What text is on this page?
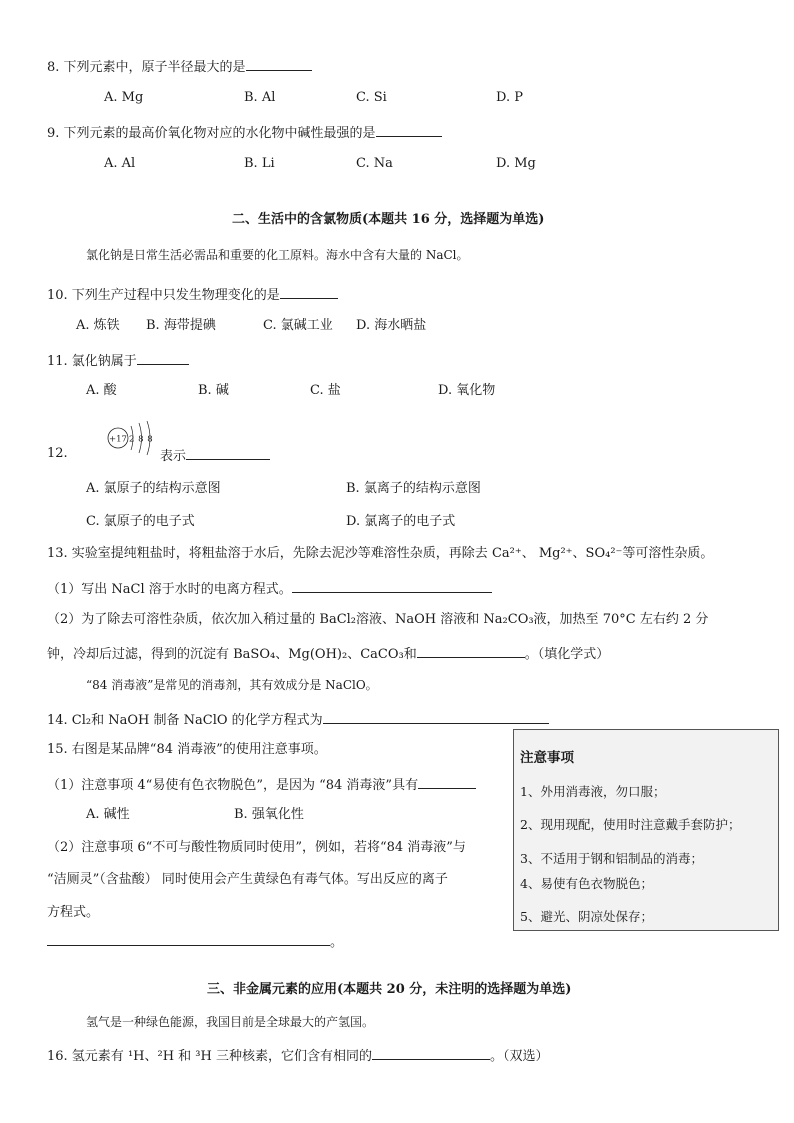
8. 下列元素中，原子半径最大的是
A. Mg	B. Al	C. Si	D. P
9. 下列元素的最高价氧化物对应的水化物中碱性最强的是
A. Al	B. Li	C. Na	D. Mg
二、生活中的含氯物质(本题共 16 分，选择题为单选)
氯化钠是日常生活必需品和重要的化工原料。海水中含有大量的 NaCl。
10. 下列生产过程中只发生物理变化的是
A. 炼铁 B. 海带提碘	C. 氯碱工业 D. 海水晒盐
11. 氯化钠属于
A. 酸	B. 碱	C. 盐	D. 氧化物
+17 2 8 8
12.	表示
A. 氯原子的结构示意图	B. 氯离子的结构示意图
C. 氯原子的电子式	D. 氯离子的电子式
13. 实验室提纯粗盐时，将粗盐溶于水后，先除去泥沙等难溶性杂质，再除去 Ca²⁺、 Mg²⁺、SO₄²⁻等可溶性杂质。
（1）写出 NaCl 溶于水时的电离方程式。
（2）为了除去可溶性杂质，依次加入稍过量的 BaCl₂溶液、NaOH 溶液和 Na₂CO₃液，加热至 70°C 左右约 2 分
钟，冷却后过滤，得到的沉淀有 BaSO₄、Mg(OH)₂、CaCO₃和	。（填化学式）
“84 消毒液”是常见的消毒剂，其有效成分是 NaClO。
14. Cl₂和 NaOH 制备 NaClO 的化学方程式为
15. 右图是某品牌“84 消毒液”的使用注意事项。
（1）注意事项 4“易使有色衣物脱色”，是因为 “84 消毒液”具有
A. 碱性	B. 强氧化性
（2）注意事项 6“不可与酸性物质同时使用”，例如，若将“84 消毒液”与
“洁厕灵”（含盐酸） 同时使用会产生黄绿色有毒气体。写出反应的离子
方程式。
。
注意事项
1、外用消毒液，勿口服；
2、现用现配，使用时注意戴手套防护；
3、不适用于钢和铝制品的消毒；
4、易使有色衣物脱色；
5、避光、阴凉处保存；
三、非金属元素的应用(本题共 20 分，未注明的选择题为单选)
氢气是一种绿色能源，我国目前是全球最大的产氢国。
16. 氢元素有 ¹H、²H 和 ³H 三种核素，它们含有相同的	。（双选）
